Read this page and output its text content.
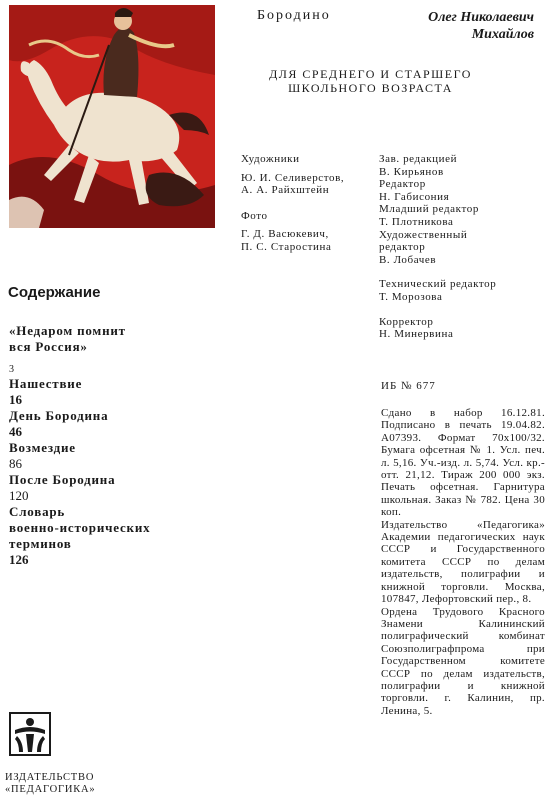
Бородино	Олег Николаевич
Михайлов
ДЛЯ СРЕДНЕГО И СТАРШЕГО
ШКОЛЬНОГО ВОЗРАСТА
Художники
Ю. И. Селиверстов,
А. А. Райхштейн
Фото
Г. Д. Васюкевич,
П. С. Старостина
Зав. редакцией
В. Кирьянов
Редактор
Н. Габисония
Младший редактор
Т. Плотникова
Художественный
редактор
В. Лобачев
Технический редактор
Т. Морозова
Корректор
Н. Минервина
Содержание
«Недаром помнит
вся Россия»
3
Нашествие
16
День Бородина
46
Возмездие
86
После Бородина
120
Словарь
военно-исторических
терминов
126
ИБ № 677

Сдано в набор 16.12.81. Подписано в печать 19.04.82. А07393. Формат 70x100/32. Бумага офсетная № 1. Усл. печ. л. 5,16. Уч.-изд. л. 5,74. Усл. кр.-отт. 21,12. Тираж 200 000 экз. Печать офсетная. Гарнитура школьная. Заказ № 782. Цена 30 коп.

Издательство «Педагогика» Академии педагогических наук СССР и Государственного комитета СССР по делам издательств, полиграфии и книжной торговли. Москва, 107847, Лефортовский пер., 8.

Ордена Трудового Красного Знамени Калининский полиграфический комбинат Союзполиграфпрома при Государственном комитете СССР по делам издательств, полиграфии и книжной торговли. г. Калинин, пр. Ленина, 5.

ИЗДАТЕЛЬСТВО
«ПЕДАГОГИКА»
